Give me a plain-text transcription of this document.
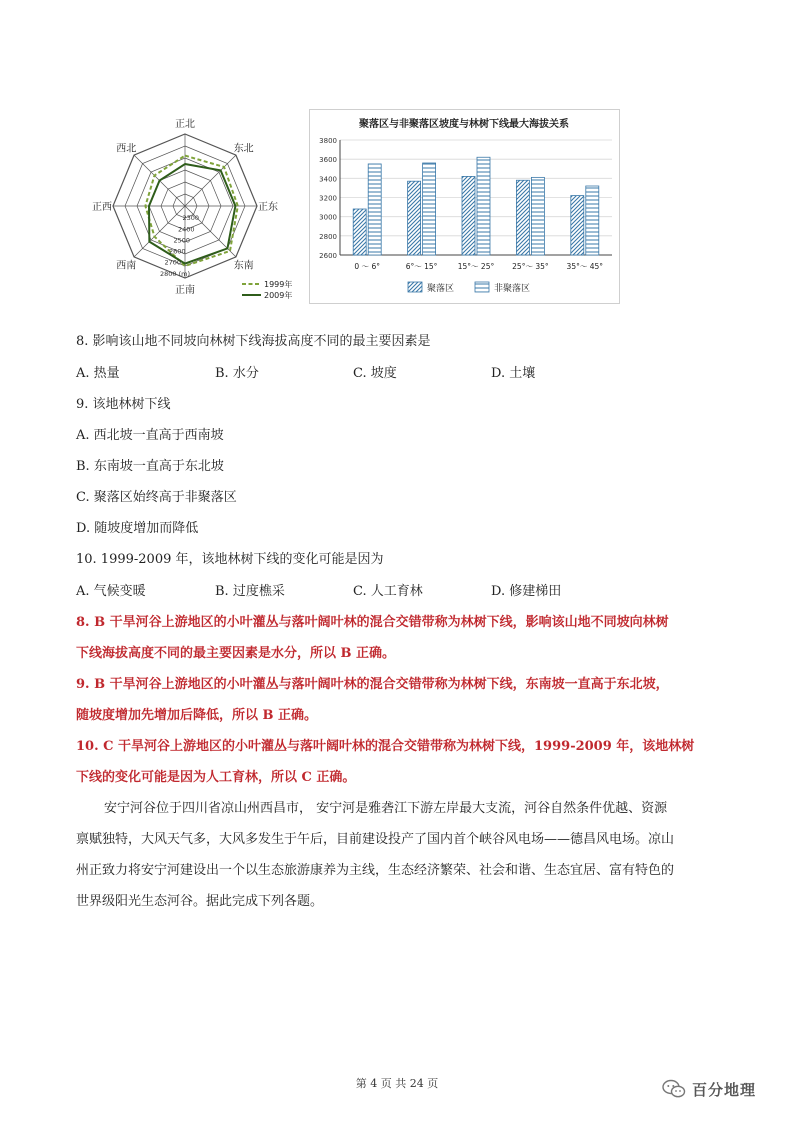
正北
东北
正东
东南
正南
西南
正西
西北
2300
2400
2500
2600
2700
2800 (m)
1999年
2009年
聚落区与非聚落区坡度与林树下线最大海拔关系
2600
2800
3000
3200
3400
3600
3800
0 ～ 6°	6°～ 15°	15°～ 25° 25°～ 35° 35°～ 45°
聚落区	非聚落区
8. 影响该山地不同坡向林树下线海拔高度不同的最主要因素是
A. 热量	B. 水分	C. 坡度	D. 土壤
9. 该地林树下线
A. 西北坡一直高于西南坡
B. 东南坡一直高于东北坡
C. 聚落区始终高于非聚落区
D. 随坡度增加而降低
10. 1999-2009 年，该地林树下线的变化可能是因为
A. 气候变暖	B. 过度樵采	C. 人工育林	D. 修建梯田
8. B 干旱河谷上游地区的小叶灌丛与落叶阔叶林的混合交错带称为林树下线，影响该山地不同坡向林树
下线海拔高度不同的最主要因素是水分，所以 B 正确。
9. B 干旱河谷上游地区的小叶灌丛与落叶阔叶林的混合交错带称为林树下线，东南坡一直高于东北坡，
随坡度增加先增加后降低，所以 B 正确。
10. C 干旱河谷上游地区的小叶灌丛与落叶阔叶林的混合交错带称为林树下线，1999-2009 年，该地林树
下线的变化可能是因为人工育林，所以 C 正确。
安宁河谷位于四川省凉山州西昌市， 安宁河是雅砻江下游左岸最大支流，河谷自然条件优越、资源
禀赋独特，大风天气多，大风多发生于午后，目前建设投产了国内首个峡谷风电场——德昌风电场。凉山
州正致力将安宁河建设出一个以生态旅游康养为主线，生态经济繁荣、社会和谐、生态宜居、富有特色的
世界级阳光生态河谷。据此完成下列各题。
第 4 页 共 24 页	百分地理
